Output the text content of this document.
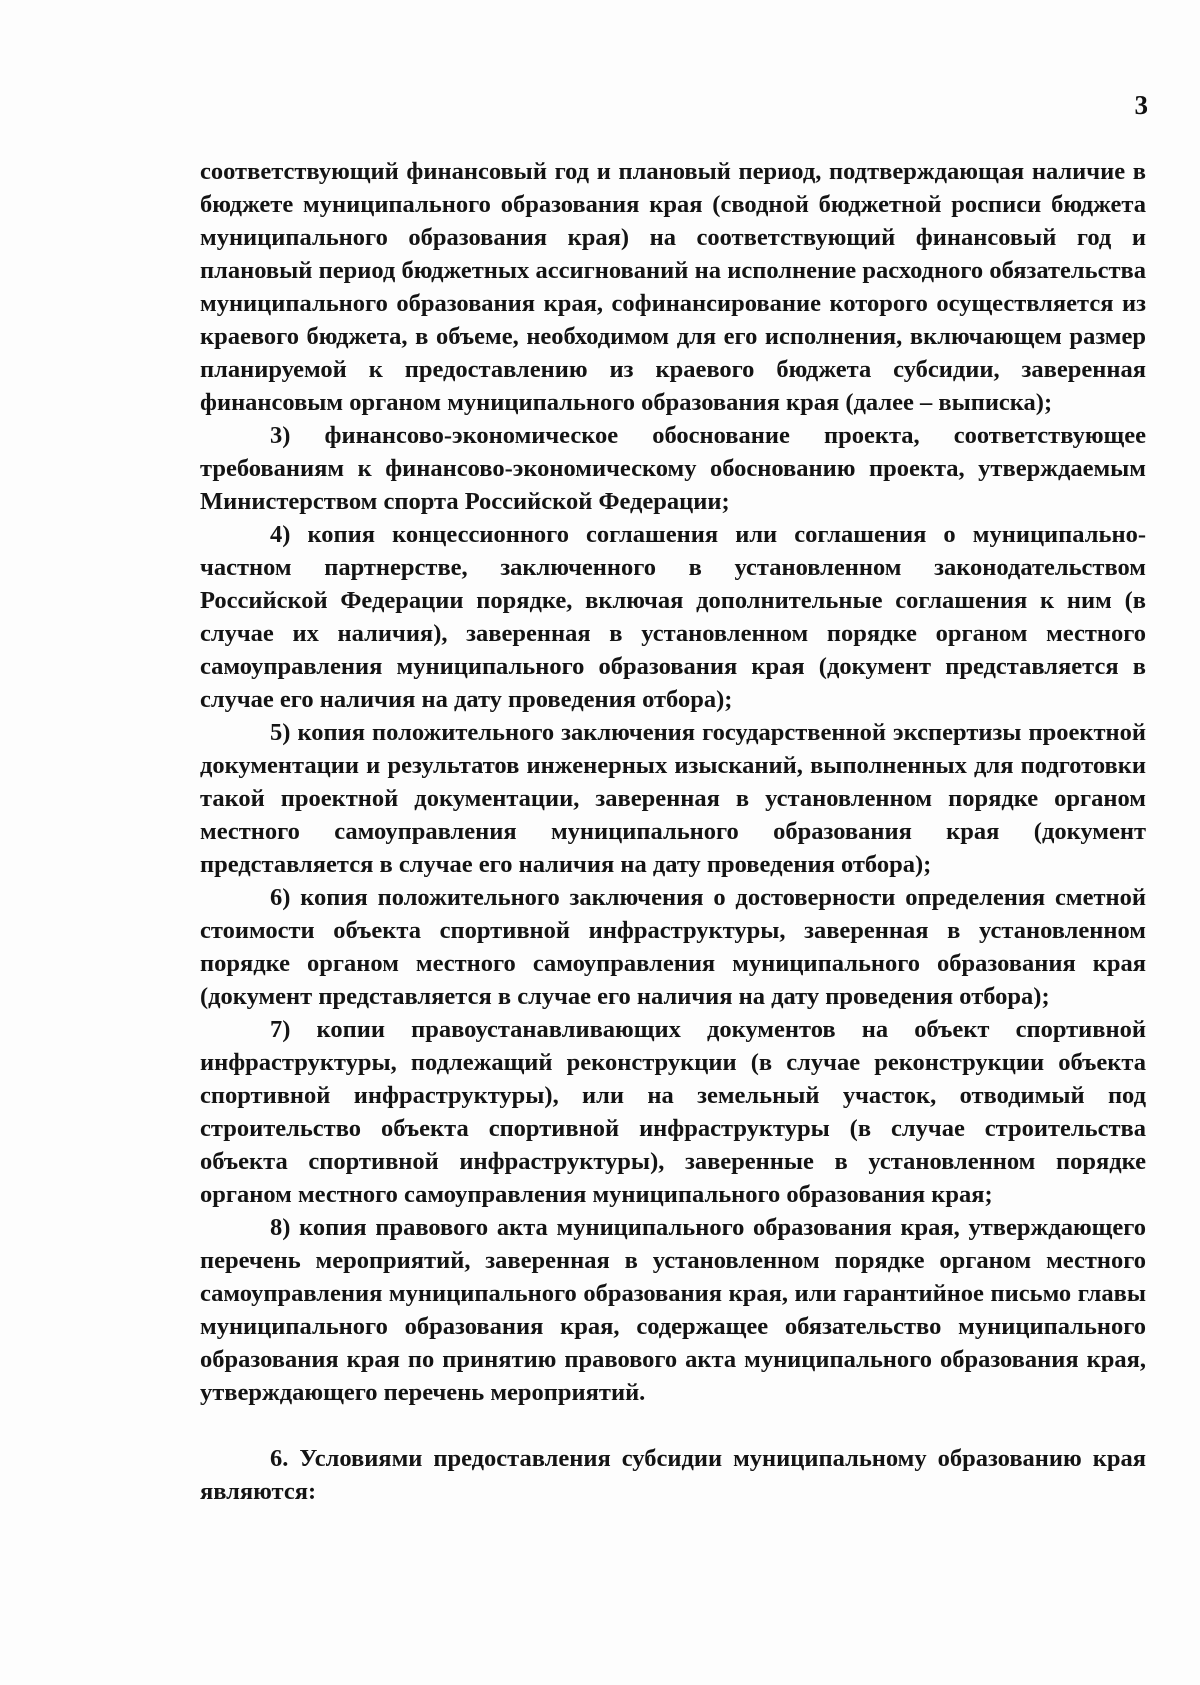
3

соответствующий финансовый год и плановый период, подтверждающая наличие в бюджете муниципального образования края (сводной бюджетной росписи бюджета муниципального образования края) на соответствующий финансовый год и плановый период бюджетных ассигнований на исполнение расходного обязательства муниципального образования края, софинансирование которого осуществляется из краевого бюджета, в объеме, необходимом для его исполнения, включающем размер планируемой к предоставлению из краевого бюджета субсидии, заверенная финансовым органом муниципального образования края (далее – выписка);

3) финансово-экономическое обоснование проекта, соответствующее требованиям к финансово-экономическому обоснованию проекта, утверждаемым Министерством спорта Российской Федерации;

4) копия концессионного соглашения или соглашения о муниципально-частном партнерстве, заключенного в установленном законодательством Российской Федерации порядке, включая дополнительные соглашения к ним (в случае их наличия), заверенная в установленном порядке органом местного самоуправления муниципального образования края (документ представляется в случае его наличия на дату проведения отбора);

5) копия положительного заключения государственной экспертизы проектной документации и результатов инженерных изысканий, выполненных для подготовки такой проектной документации, заверенная в установленном порядке органом местного самоуправления муниципального образования края (документ представляется в случае его наличия на дату проведения отбора);

6) копия положительного заключения о достоверности определения сметной стоимости объекта спортивной инфраструктуры, заверенная в установленном порядке органом местного самоуправления муниципального образования края (документ представляется в случае его наличия на дату проведения отбора);

7) копии правоустанавливающих документов на объект спортивной инфраструктуры, подлежащий реконструкции (в случае реконструкции объекта спортивной инфраструктуры), или на земельный участок, отводимый под строительство объекта спортивной инфраструктуры (в случае строительства объекта спортивной инфраструктуры), заверенные в установленном порядке органом местного самоуправления муниципального образования края;

8) копия правового акта муниципального образования края, утверждающего перечень мероприятий, заверенная в установленном порядке органом местного самоуправления муниципального образования края, или гарантийное письмо главы муниципального образования края, содержащее обязательство муниципального образования края по принятию правового акта муниципального образования края, утверждающего перечень мероприятий.

6. Условиями предоставления субсидии муниципальному образованию края являются:
